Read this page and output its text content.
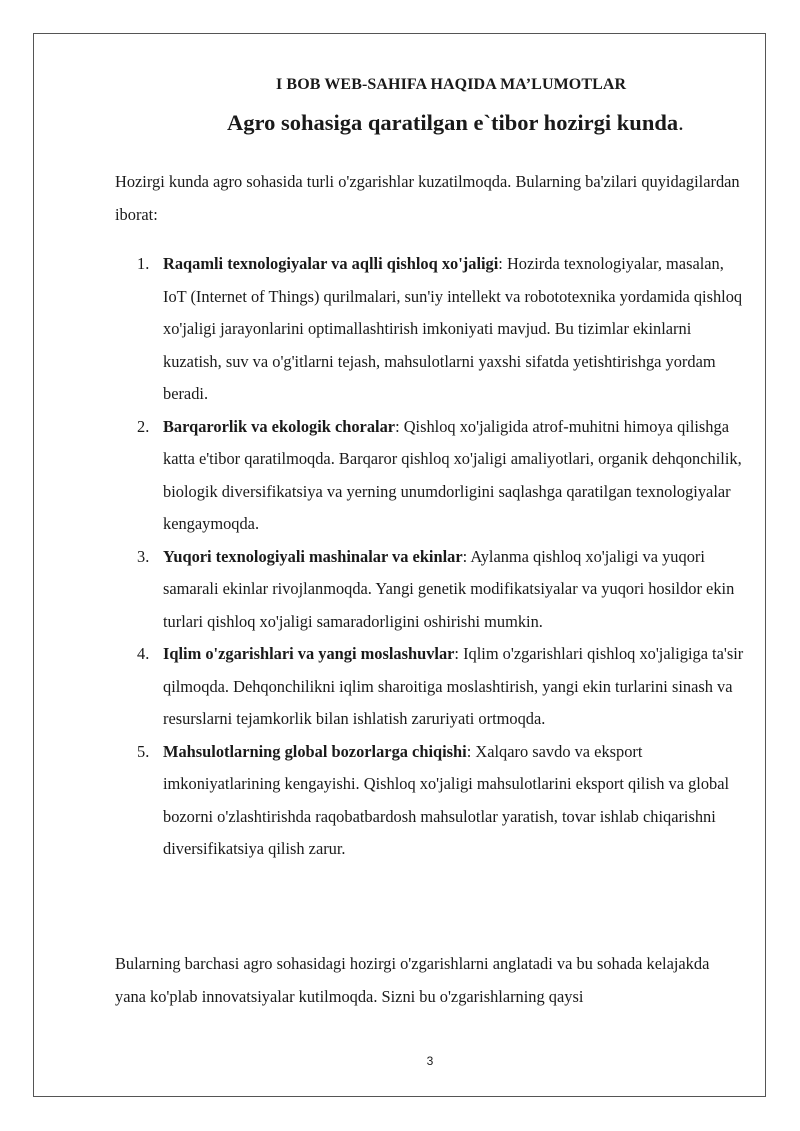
I BOB WEB-SAHIFA HAQIDA MA’LUMOTLAR
Agro sohasiga qaratilgan e`tibor hozirgi kunda.

Hozirgi kunda agro sohasida turli o'zgarishlar kuzatilmoqda. Bularning ba'zilari quyidagilardan iborat:

1. Raqamli texnologiyalar va aqlli qishloq xo'jaligi: Hozirda texnologiyalar, masalan, IoT (Internet of Things) qurilmalari, sun'iy intellekt va robototexnika yordamida qishloq xo'jaligi jarayonlarini optimallashtirish imkoniyati mavjud. Bu tizimlar ekinlarni kuzatish, suv va o'g'itlarni tejash, mahsulotlarni yaxshi sifatda yetishtirishga yordam beradi.
2. Barqarorlik va ekologik choralar: Qishloq xo'jaligida atrof-muhitni himoya qilishga katta e'tibor qaratilmoqda. Barqaror qishloq xo'jaligi amaliyotlari, organik dehqonchilik, biologik diversifikatsiya va yerning unumdorligini saqlashga qaratilgan texnologiyalar kengaymoqda.
3. Yuqori texnologiyali mashinalar va ekinlar: Aylanma qishloq xo'jaligi va yuqori samarali ekinlar rivojlanmoqda. Yangi genetik modifikatsiyalar va yuqori hosildor ekin turlari qishloq xo'jaligi samaradorligini oshirishi mumkin.
4. Iqlim o'zgarishlari va yangi moslashuvlar: Iqlim o'zgarishlari qishloq xo'jaligiga ta'sir qilmoqda. Dehqonchilikni iqlim sharoitiga moslashtirish, yangi ekin turlarini sinash va resurslarni tejamkorlik bilan ishlatish zaruriyati ortmoqda.
5. Mahsulotlarning global bozorlarga chiqishi: Xalqaro savdo va eksport imkoniyatlarining kengayishi. Qishloq xo'jaligi mahsulotlarini eksport qilish va global bozorni o'zlashtirishda raqobatbardosh mahsulotlar yaratish, tovar ishlab chiqarishni diversifikatsiya qilish zarur.

Bularning barchasi agro sohasidagi hozirgi o'zgarishlarni anglatadi va bu sohada kelajakda yana ko'plab innovatsiyalar kutilmoqda. Sizni bu o'zgarishlarning qaysi

3
